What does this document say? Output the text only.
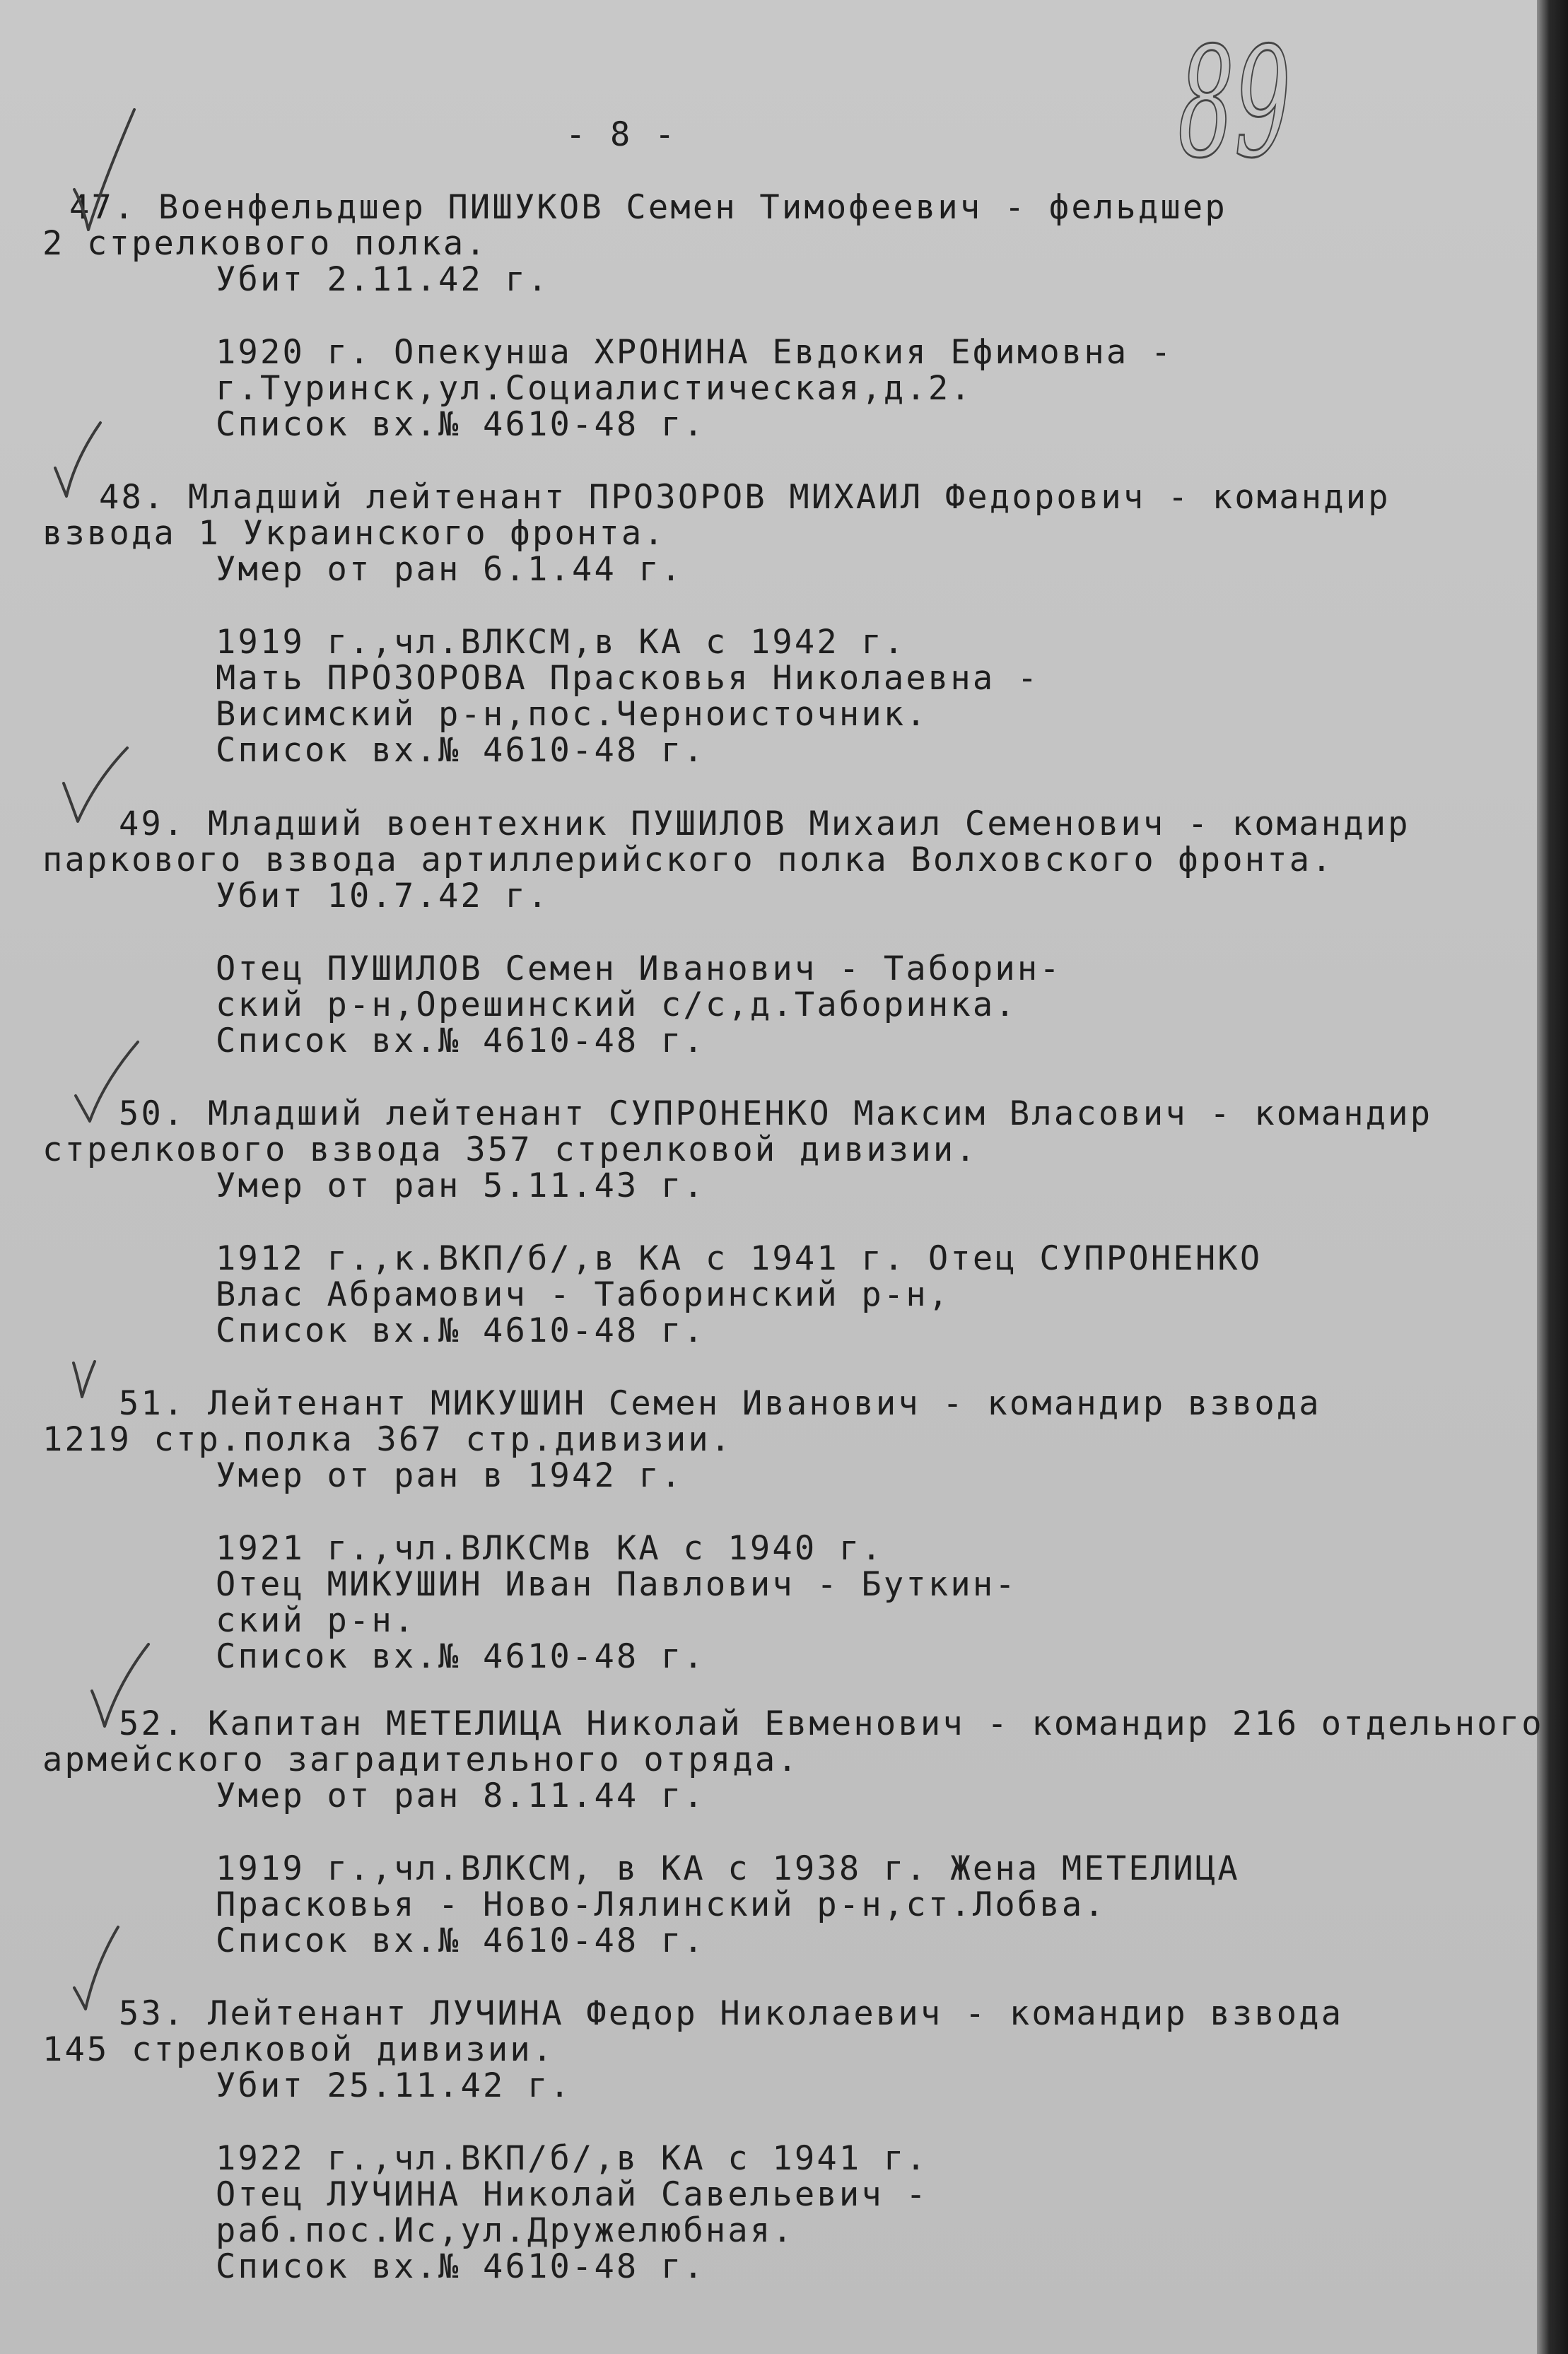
89
- 8 -
47. Военфельдшер ПИШУКОВ Семен Тимофеевич - фельдшер
2 стрелкового полка.
Убит 2.11.42 г.
1920 г. Опекунша ХРОНИНА Евдокия Ефимовна -
г.Туринск,ул.Социалистическая,д.2.
Список вх.№ 4610-48 г.
48. Младший лейтенант ПРОЗОРОВ МИХАИЛ Федорович - командир
взвода 1 Украинского фронта.
Умер от ран 6.1.44 г.
1919 г.,чл.ВЛКСМ,в КА с 1942 г.
Мать ПРОЗОРОВА Прасковья Николаевна -
Висимский р-н,пос.Черноисточник.
Список вх.№ 4610-48 г.
49. Младший воентехник ПУШИЛОВ Михаил Семенович - командир
паркового взвода артиллерийского полка Волховского фронта.
Убит 10.7.42 г.
Отец ПУШИЛОВ Семен Иванович - Таборин-
ский р-н,Орешинский с/с,д.Таборинка.
Список вх.№ 4610-48 г.
50. Младший лейтенант СУПРОНЕНКО Максим Власович - командир
стрелкового взвода 357 стрелковой дивизии.
Умер от ран 5.11.43 г.
1912 г.,к.ВКП/б/,в КА с 1941 г. Отец СУПРОНЕНКО
Влас Абрамович - Таборинский р-н,
Список вх.№ 4610-48 г.
51. Лейтенант МИКУШИН Семен Иванович - командир взвода
1219 стр.полка 367 стр.дивизии.
Умер от ран в 1942 г.
1921 г.,чл.ВЛКСМв КА с 1940 г.
Отец МИКУШИН Иван Павлович - Буткин-
ский р-н.
Список вх.№ 4610-48 г.
52. Капитан МЕТЕЛИЦА Николай Евменович - командир 216 отдельного
армейского заградительного отряда.
Умер от ран 8.11.44 г.
1919 г.,чл.ВЛКСМ, в КА с 1938 г. Жена МЕТЕЛИЦА
Прасковья - Ново-Лялинский р-н,ст.Лобва.
Список вх.№ 4610-48 г.
53. Лейтенант ЛУЧИНА Федор Николаевич - командир взвода
145 стрелковой дивизии.
Убит 25.11.42 г.
1922 г.,чл.ВКП/б/,в КА с 1941 г.
Отец ЛУЧИНА Николай Савельевич -
раб.пос.Ис,ул.Дружелюбная.
Список вх.№ 4610-48 г.
